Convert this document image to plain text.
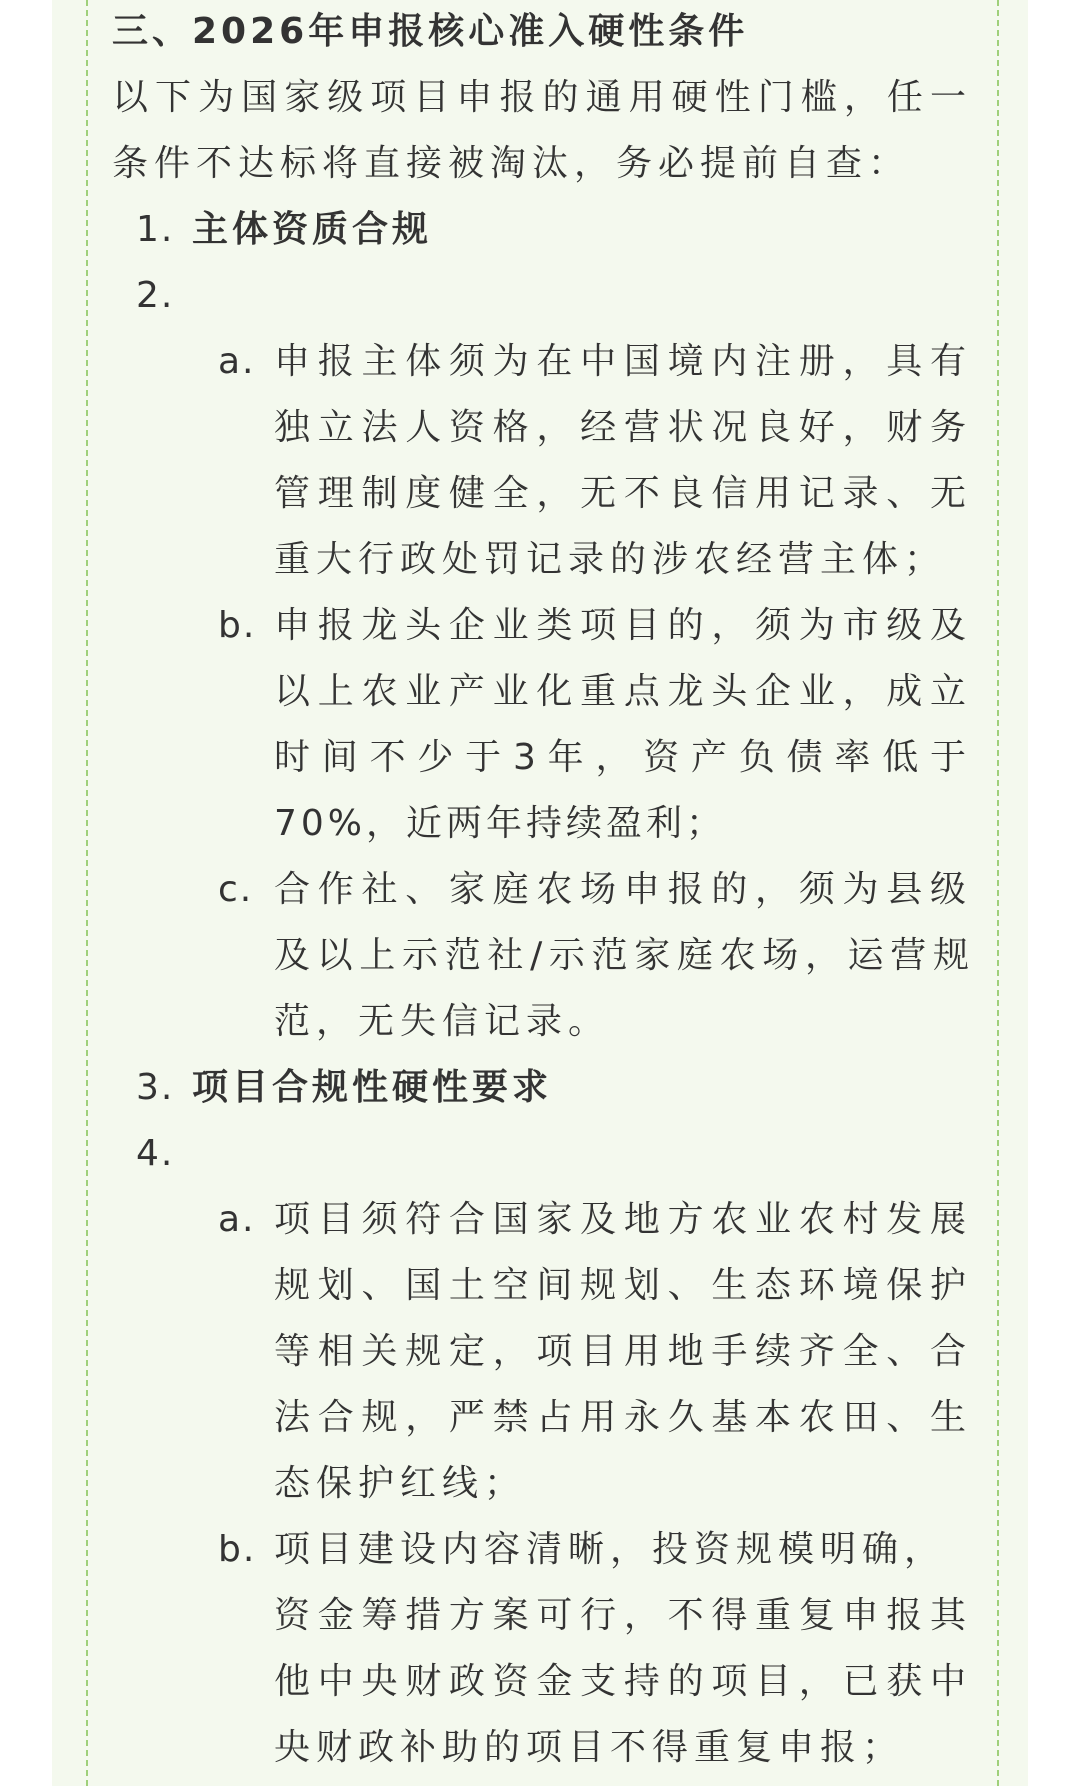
三、2026年申报核心准入硬性条件
以下为国家级项目申报的通用硬性门槛，任一
条件不达标将直接被淘汰，务必提前自查：
1. 主体资质合规
2.
a. 申报主体须为在中国境内注册，具有
独立法人资格，经营状况良好，财务
管理制度健全，无不良信用记录、无
重大行政处罚记录的涉农经营主体；
b. 申报龙头企业类项目的，须为市级及
以上农业产业化重点龙头企业，成立
时间不少于3年，资产负债率低于
70%，近两年持续盈利；
c. 合作社、家庭农场申报的，须为县级
及以上示范社/示范家庭农场，运营规
范，无失信记录。
3. 项目合规性硬性要求
4.
a. 项目须符合国家及地方农业农村发展
规划、国土空间规划、生态环境保护
等相关规定，项目用地手续齐全、合
法合规，严禁占用永久基本农田、生
态保护红线；
b. 项目建设内容清晰，投资规模明确，
资金筹措方案可行，不得重复申报其
他中央财政资金支持的项目，已获中
央财政补助的项目不得重复申报；
